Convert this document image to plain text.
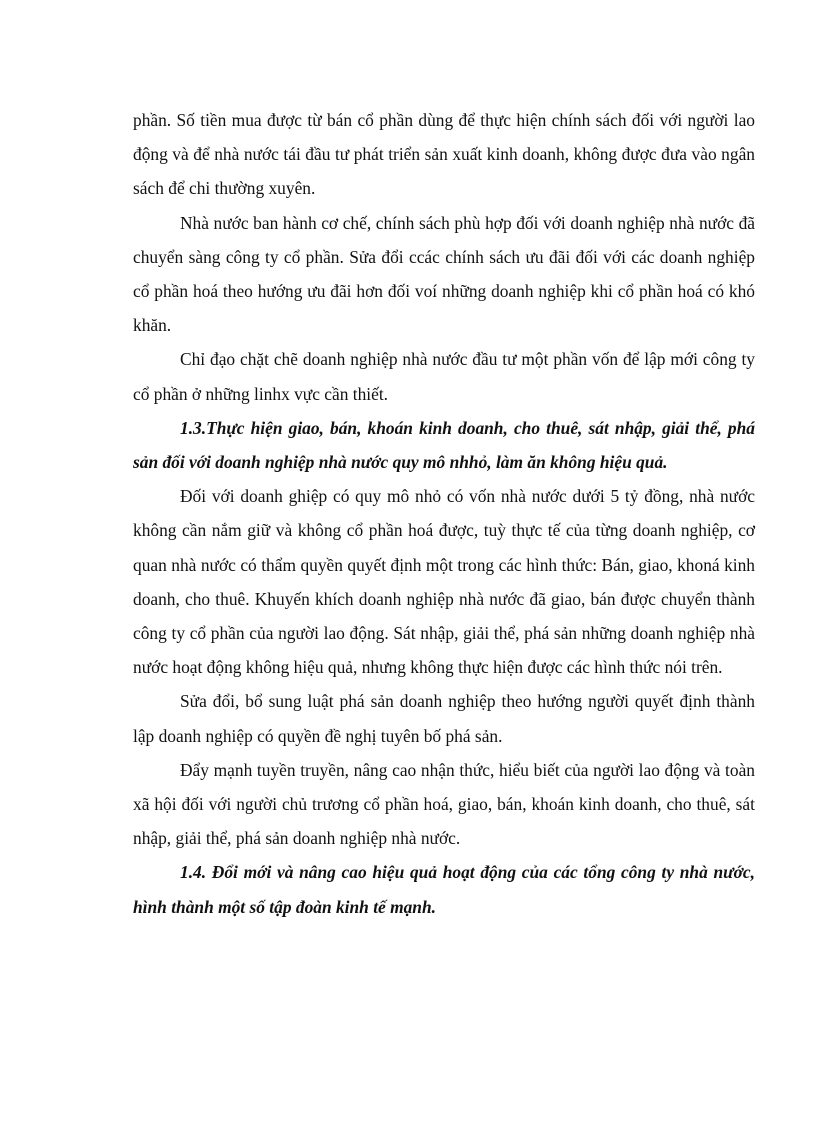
phần. Số tiền mua được từ bán cổ phần dùng để thực hiện chính sách đối với người lao động và để nhà nước tái đầu tư phát triển sản xuất kinh doanh, không được đưa vào ngân sách để chi thường xuyên.

Nhà nước ban hành cơ chế, chính sách phù hợp đối với doanh nghiệp nhà nước đã chuyển sàng công ty cổ phần. Sửa đổi ccác chính sách ưu đãi đối với các doanh nghiệp cổ phần hoá theo hướng ưu đãi hơn đối voí những doanh nghiệp khi cổ phần hoá có khó khăn.

Chỉ đạo chặt chẽ doanh nghiệp nhà nước đầu tư một phần vốn để lập mới công ty cổ phần ở những linhx vực cần thiết.

1.3.Thực hiện giao, bán, khoán kinh doanh, cho thuê, sát nhập, giải thể, phá sản đối với doanh nghiệp nhà nước quy mô nhhỏ, làm ăn không hiệu quả.

Đối với doanh ghiệp có quy mô nhỏ có vốn nhà nước dưới 5 tỷ đồng, nhà nước không cần nắm giữ và không cổ phần hoá được, tuỳ thực tế của từng doanh nghiệp, cơ quan nhà nước có thẩm quyền quyết định một trong các hình thức: Bán, giao, khoná kinh doanh, cho thuê. Khuyến khích doanh nghiệp nhà nước đã giao, bán được chuyển thành công ty cổ phần của người lao động. Sát nhập, giải thể, phá sản những doanh nghiệp nhà nước hoạt động không hiệu quả, nhưng không thực hiện được các hình thức nói trên.

Sửa đổi, bổ sung luật phá sản doanh nghiệp theo hướng người quyết định thành lập doanh nghiệp có quyền đề nghị tuyên bố phá sản.

Đẩy mạnh tuyền truyền, nâng cao nhận thức, hiểu biết của người lao động và toàn xã hội đối với người chủ trương cổ phần hoá, giao, bán, khoán kinh doanh, cho thuê, sát nhập, giải thể, phá sản doanh nghiệp nhà nước.

1.4. Đổi mới và nâng cao hiệu quả hoạt động của các tổng công ty nhà nước, hình thành một số tập đoàn kinh tế mạnh.
